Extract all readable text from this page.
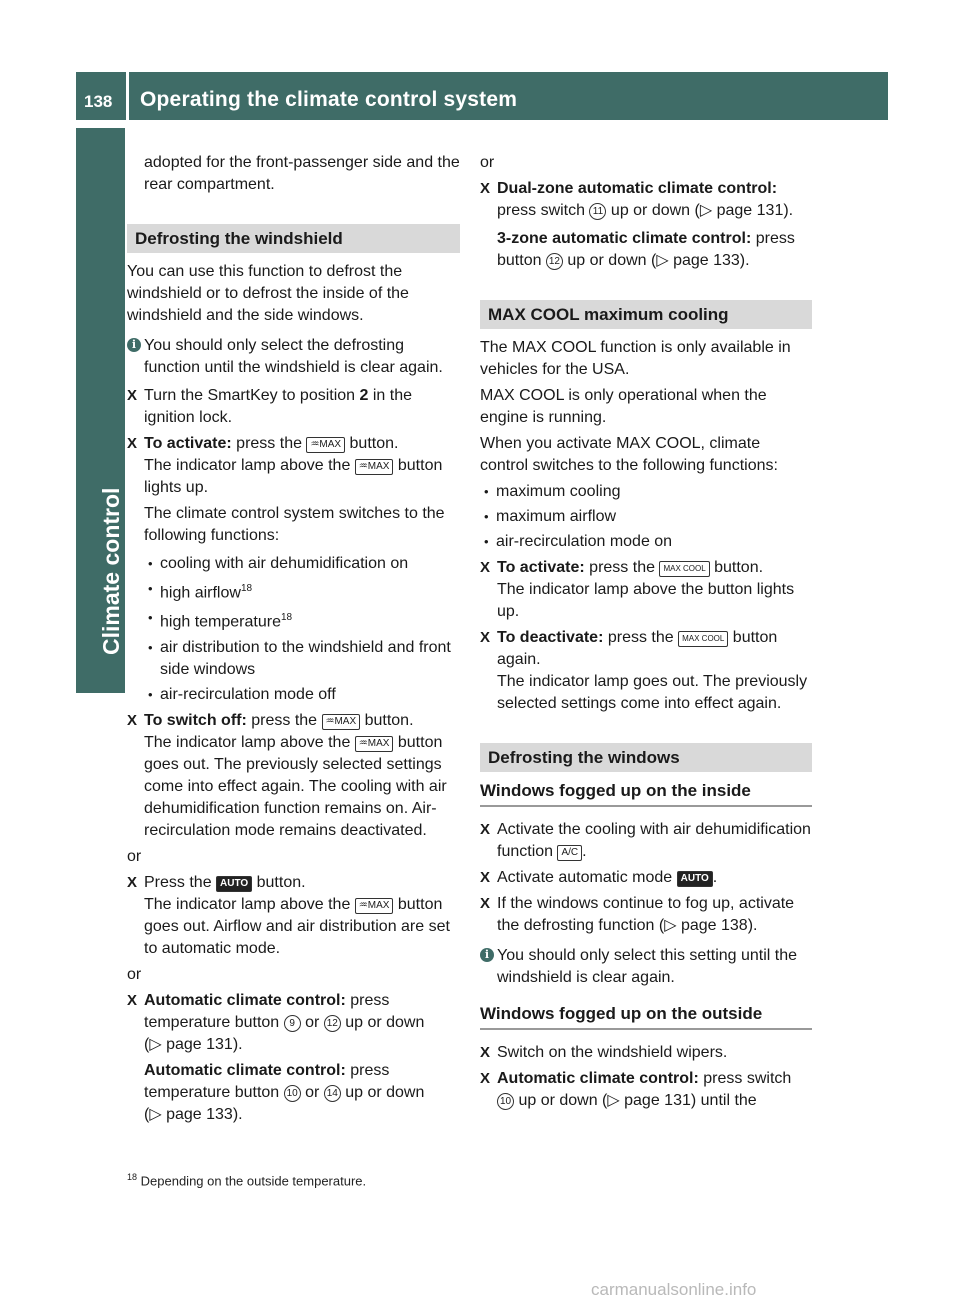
138 Operating the climate control system
Climate control

adopted for the front-passenger side and the rear compartment.

Defrosting the windshield

You can use this function to defrost the windshield or to defrost the inside of the windshield and the side windows.

i You should only select the defrosting function until the windshield is clear again.
X Turn the SmartKey to position 2 in the ignition lock.
X To activate: press the ♒MAX button.
The indicator lamp above the ♒MAX button lights up.
The climate control system switches to the following functions:
• cooling with air dehumidification on
• high airflow$^{18}$
• high temperature$^{18}$
• air distribution to the windshield and front side windows
• air-recirculation mode off
X To switch off: press the ♒MAX button.
The indicator lamp above the ♒MAX button goes out. The previously selected settings come into effect again. The cooling with air dehumidification function remains on. Air-recirculation mode remains deactivated.

or

X Press the AUTO button.
The indicator lamp above the ♒MAX button goes out. Airflow and air distribution are set to automatic mode.

or

X Automatic climate control: press temperature button 9 or 12 up or down
(▷ page 131).
Automatic climate control: press temperature button 10 or 14 up or down
(▷ page 133).

or

X Dual-zone automatic climate control:
press switch 11 up or down (▷ page 131).
3-zone automatic climate control: press button 12 up or down (▷ page 133).
MAX COOL maximum cooling

The MAX COOL function is only available in vehicles for the USA.

MAX COOL is only operational when the engine is running.

When you activate MAX COOL, climate control switches to the following functions:

• maximum cooling
• maximum airflow
• air-recirculation mode on
X To activate: press the MAX COOL button.
The indicator lamp above the button lights up.
X To deactivate: press the MAX COOL button again.
The indicator lamp goes out. The previously selected settings come into effect again.
Defrosting the windows
Windows fogged up on the inside
X Activate the cooling with air dehumidification function A/C .
X Activate automatic mode AUTO .
X If the windows continue to fog up, activate the defrosting function (▷ page 138).
i You should only select this setting until the windshield is clear again.
Windows fogged up on the outside
X Switch on the windshield wipers.
X Automatic climate control: press switch
10 up or down (▷ page 131) until the
$^{18}$ Depending on the outside temperature.
carmanualsonline.info
